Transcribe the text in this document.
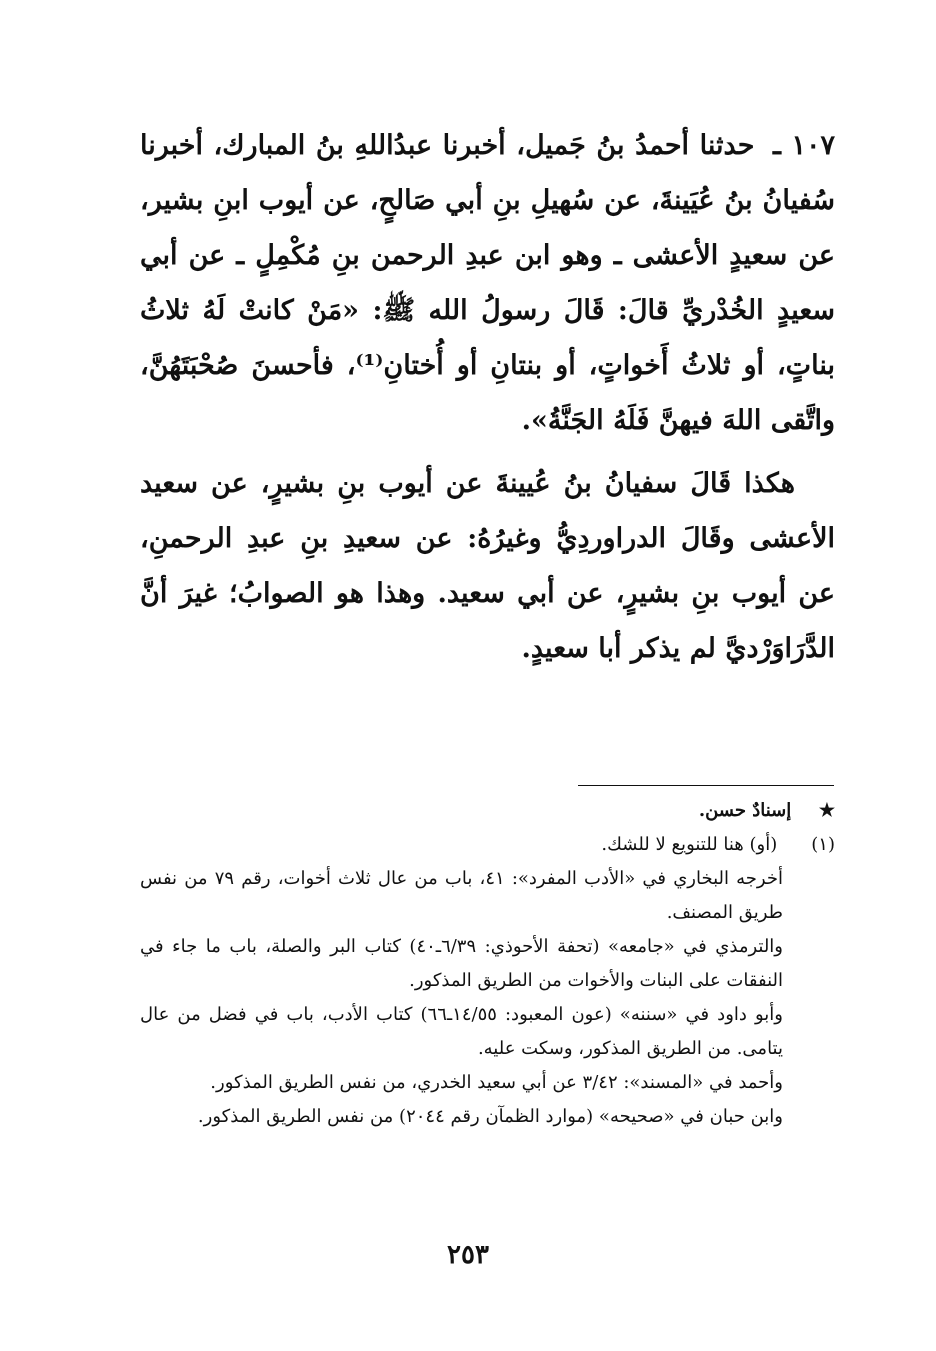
١٠٧ ـ حدثنا أحمدُ بنُ جَميل، أخبرنا عبدُاللهِ بنُ المبارك، أخبرنا سُفيانُ بنُ عُيَينةَ، عن سُهيلِ بنِ أبي صَالحٍ، عن أيوب ابنِ بشير، عن سعيدٍ الأعشى ـ وهو ابن عبدِ الرحمن بنِ مُكْمِلٍ ـ عن أبي سعيدٍ الخُدْريِّ قالَ: قَالَ رسولُ الله ﷺ: «مَنْ كانتْ لَهُ ثلاثُ بناتٍ، أو ثلاثُ أَخواتٍ، أو بنتانِ أو أُختانِ⁽¹⁾، فأحسنَ صُحْبَتَهُنَّ، واتَّقى اللهَ فيهنَّ فَلَهُ الجَنَّةُ».

هكذا قَالَ سفيانُ بنُ عُيينةَ عن أيوب بنِ بشيرٍ، عن سعيد الأعشى وقَالَ الدراوردِيُّ وغيرُهُ: عن سعيدِ بنِ عبدِ الرحمنِ، عن أيوب بنِ بشيرٍ، عن أبي سعيد. وهذا هو الصوابُ؛ غيرَ أنَّ الدَّرَاوَرْديَّ لم يذكر أبا سعيدٍ.

★ إسنادٌ حسن.

(١) (أو) هنا للتنويع لا للشك.

أخرجه البخاري في «الأدب المفرد»: ٤١، باب من عال ثلاث أخوات، رقم ٧٩ من نفس طريق المصنف.

والترمذي في «جامعه» (تحفة الأحوذي: ٦/٣٩ـ٤٠) كتاب البر والصلة، باب ما جاء في النفقات على البنات والأخوات من الطريق المذكور.

وأبو داود في «سننه» (عون المعبود: ١٤/٥٥ـ٦٦) كتاب الأدب، باب في فضل من عال يتامى. من الطريق المذكور، وسكت عليه.

وأحمد في «المسند»: ٣/٤٢ عن أبي سعيد الخدري، من نفس الطريق المذكور.

وابن حبان في «صحيحه» (موارد الظمآن رقم ٢٠٤٤) من نفس الطريق المذكور.

٢٥٣
